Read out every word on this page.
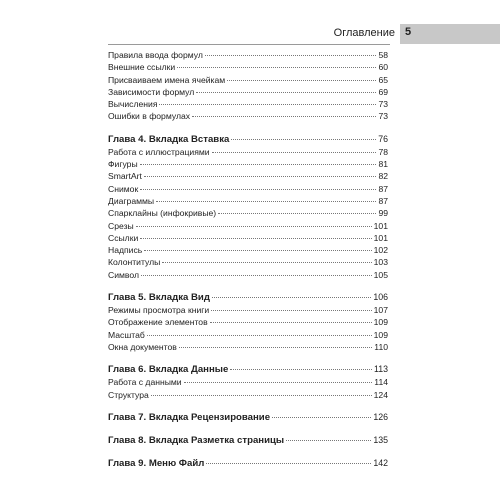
Оглавление 5
Правила ввода формул	58
Внешние ссылки	60
Присваиваем имена ячейкам	65
Зависимости формул	69
Вычисления	73
Ошибки в формулах	73
Глава 4. Вкладка Вставка	76
Работа с иллюстрациями	78
Фигуры	81
SmartArt	82
Снимок	87
Диаграммы	87
Спарклайны (инфокривые)	99
Срезы	101
Ссылки	101
Надпись	102
Колонтитулы	103
Символ	105
Глава 5. Вкладка Вид	106
Режимы просмотра книги	107
Отображение элементов	109
Масштаб	109
Окна документов	110
Глава 6. Вкладка Данные	113
Работа с данными	114
Структура	124
Глава 7. Вкладка Рецензирование	126
Глава 8. Вкладка Разметка страницы	135
Глава 9. Меню Файл	142
